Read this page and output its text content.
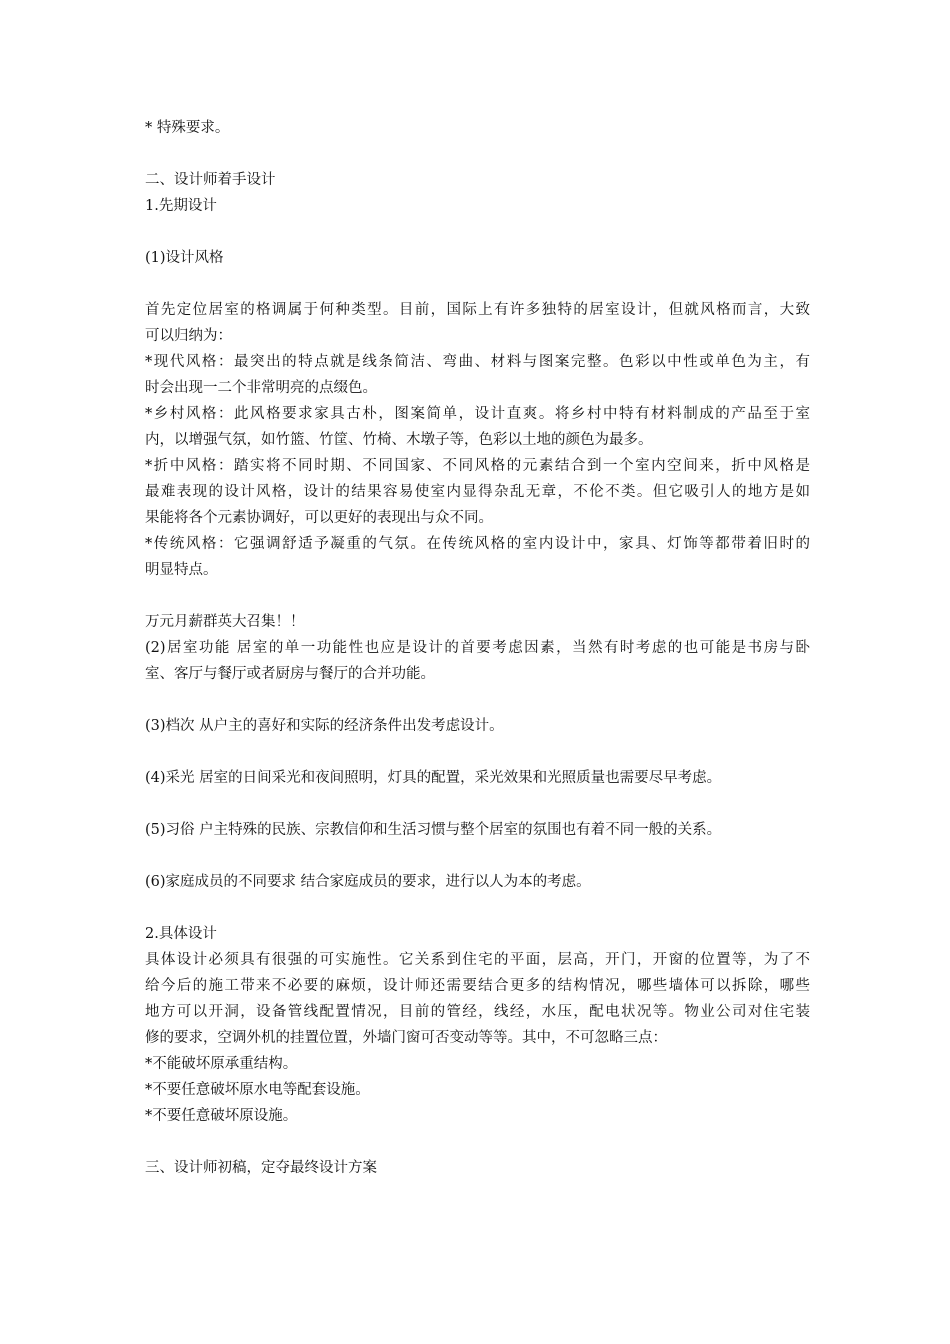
* 特殊要求。
二、设计师着手设计
1.先期设计
(1)设计风格
首先定位居室的格调属于何种类型。目前，国际上有许多独特的居室设计，但就风格而言，大致
可以归纳为：
*现代风格：最突出的特点就是线条简洁、弯曲、材料与图案完整。色彩以中性或单色为主，有
时会出现一二个非常明亮的点缀色。
*乡村风格：此风格要求家具古朴，图案简单，设计直爽。将乡村中特有材料制成的产品至于室
内，以增强气氛，如竹篮、竹筐、竹椅、木墩子等，色彩以土地的颜色为最多。
*折中风格：踏实将不同时期、不同国家、不同风格的元素结合到一个室内空间来，折中风格是
最难表现的设计风格，设计的结果容易使室内显得杂乱无章，不伦不类。但它吸引人的地方是如
果能将各个元素协调好，可以更好的表现出与众不同。
*传统风格：它强调舒适予凝重的气氛。在传统风格的室内设计中，家具、灯饰等都带着旧时的
明显特点。
万元月薪群英大召集！！
(2)居室功能 居室的单一功能性也应是设计的首要考虑因素，当然有时考虑的也可能是书房与卧
室、客厅与餐厅或者厨房与餐厅的合并功能。
(3)档次 从户主的喜好和实际的经济条件出发考虑设计。
(4)采光 居室的日间采光和夜间照明，灯具的配置，采光效果和光照质量也需要尽早考虑。
(5)习俗 户主特殊的民族、宗教信仰和生活习惯与整个居室的氛围也有着不同一般的关系。
(6)家庭成员的不同要求 结合家庭成员的要求，进行以人为本的考虑。
2.具体设计
具体设计必须具有很强的可实施性。它关系到住宅的平面，层高，开门，开窗的位置等，为了不
给今后的施工带来不必要的麻烦，设计师还需要结合更多的结构情况，哪些墙体可以拆除，哪些
地方可以开洞，设备管线配置情况，目前的管经，线经，水压，配电状况等。物业公司对住宅装
修的要求，空调外机的挂置位置，外墙门窗可否变动等等。其中，不可忽略三点：
*不能破坏原承重结构。
*不要任意破坏原水电等配套设施。
*不要任意破坏原设施。
三、设计师初稿，定夺最终设计方案
